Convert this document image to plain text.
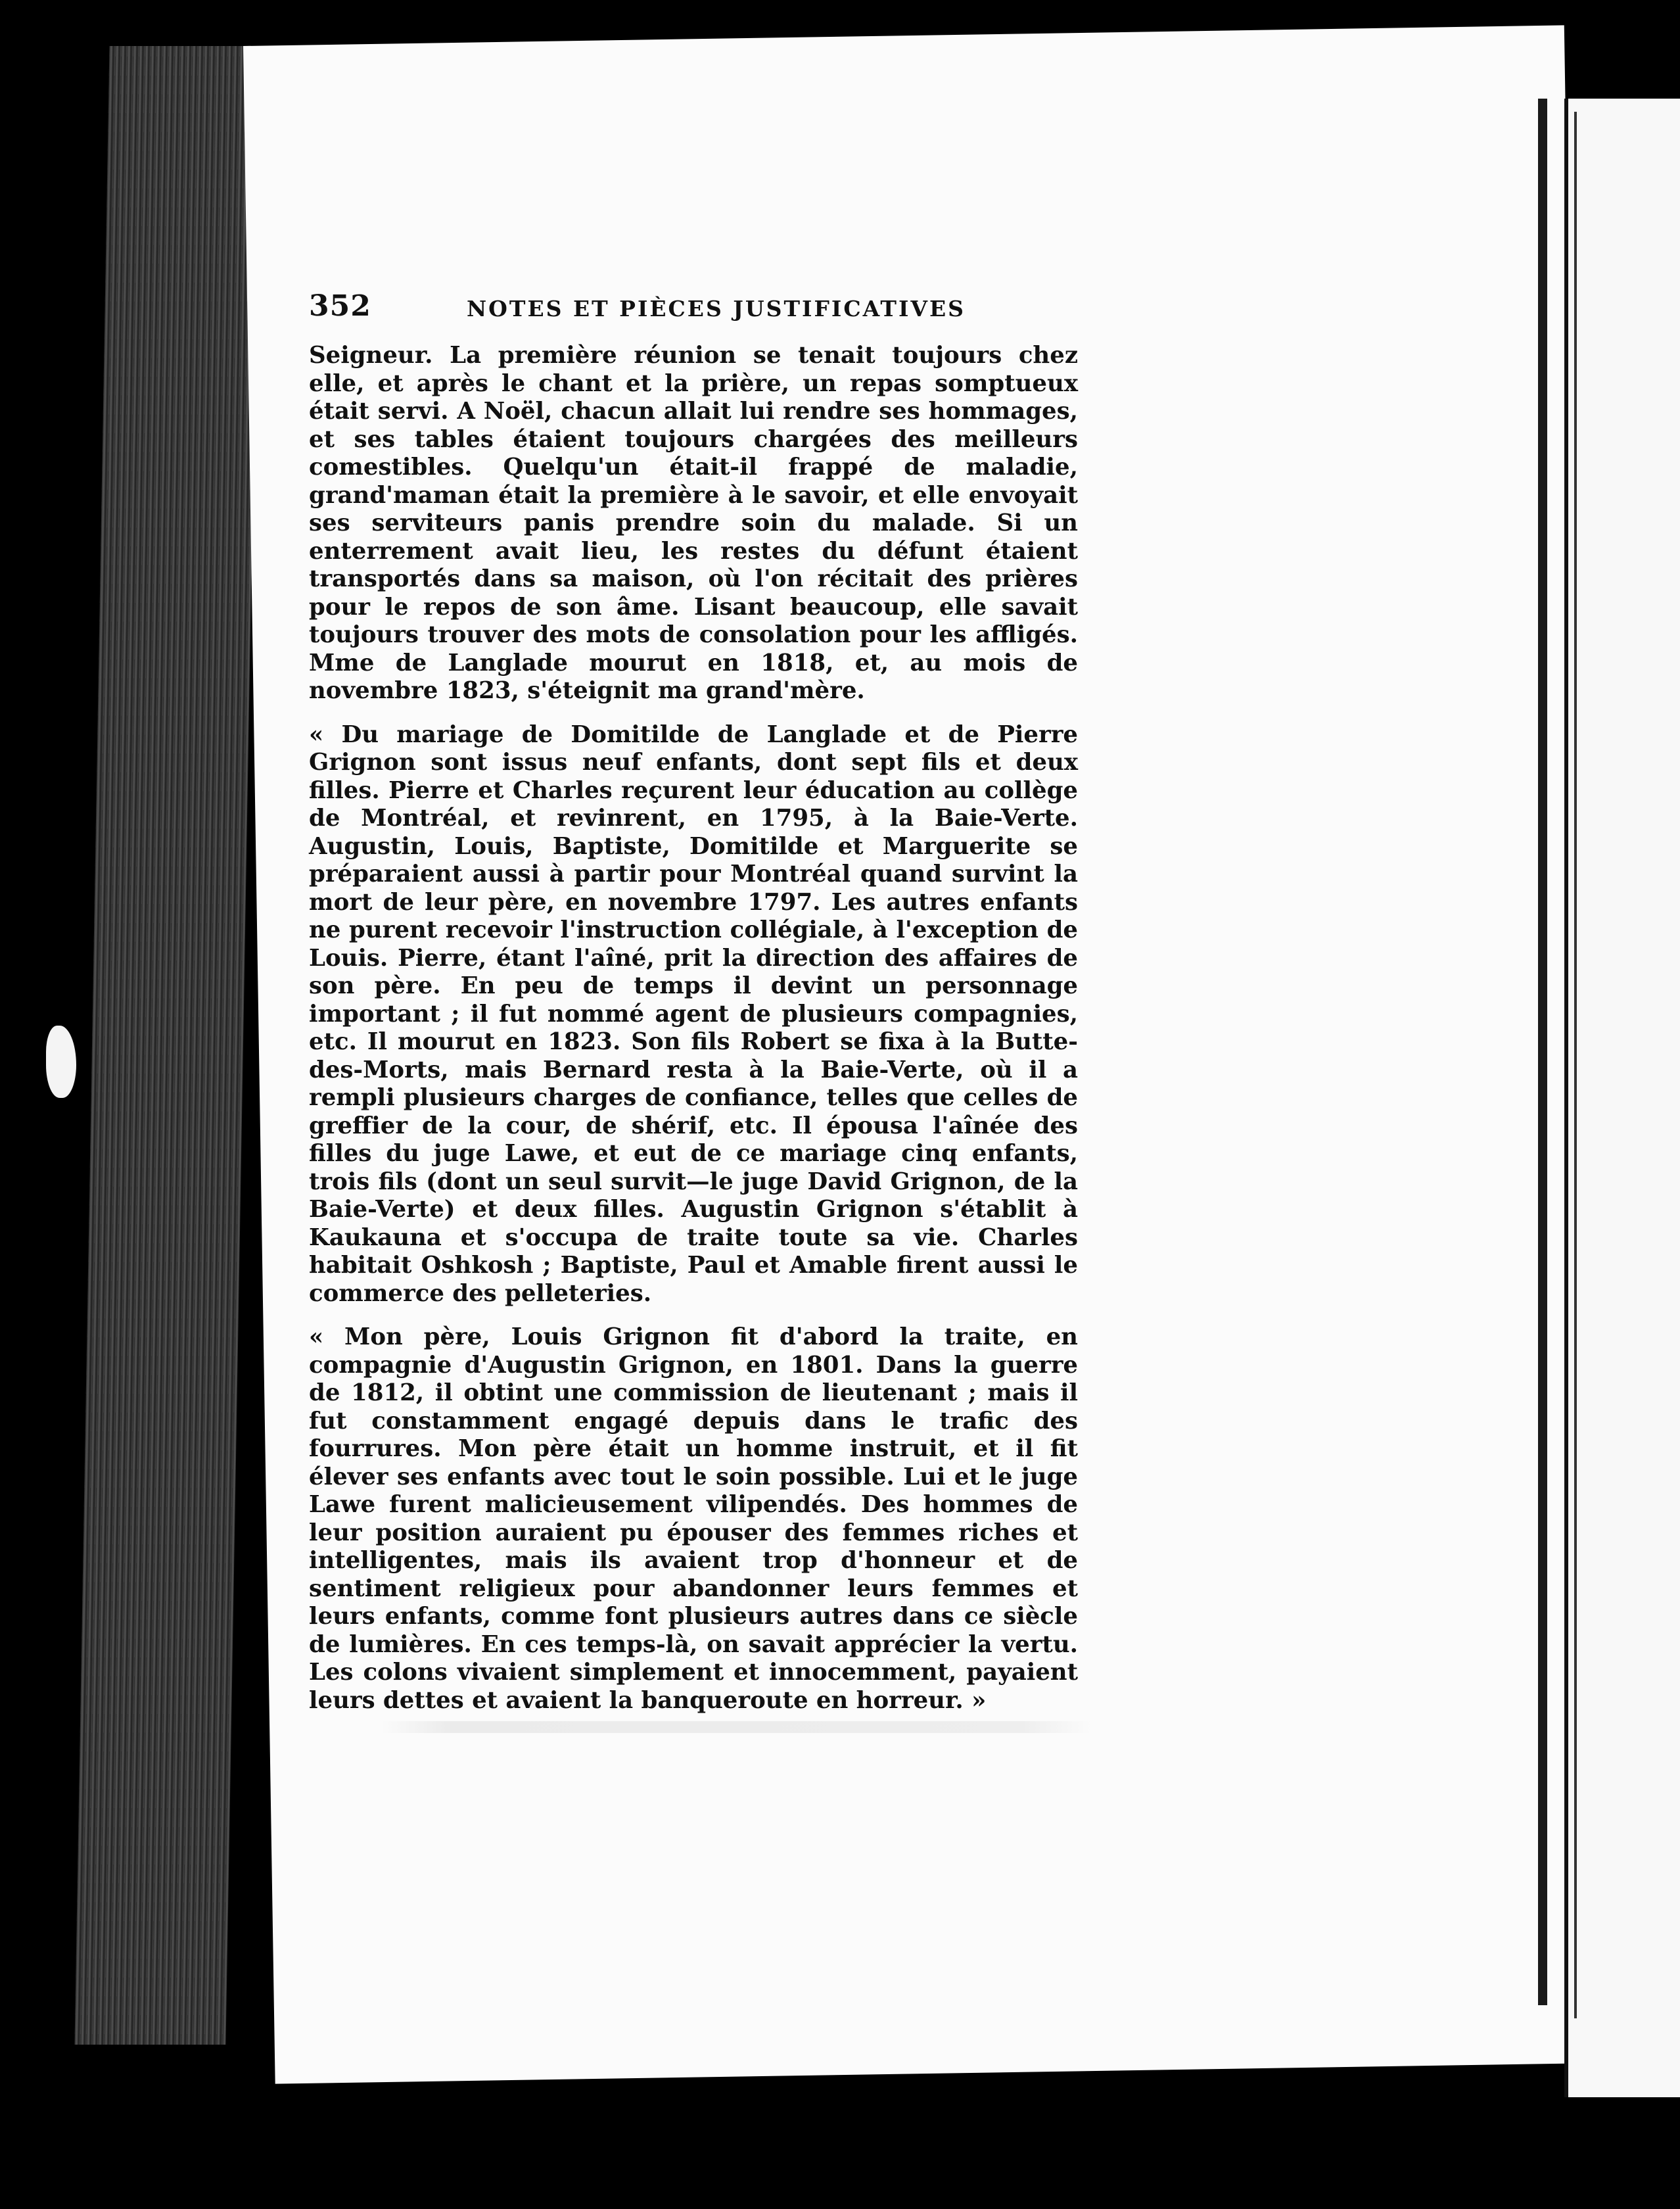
352	NOTES ET PIÈCES JUSTIFICATIVES

Seigneur. La première réunion se tenait toujours chez elle, et après le chant et la prière, un repas somptueux était servi. A Noël, chacun allait lui rendre ses hommages, et ses tables étaient toujours chargées des meilleurs comestibles. Quelqu'un était-il frappé de maladie, grand'maman était la première à le savoir, et elle envoyait ses serviteurs panis prendre soin du malade. Si un enterrement avait lieu, les restes du défunt étaient transportés dans sa maison, où l'on récitait des prières pour le repos de son âme. Lisant beaucoup, elle savait toujours trouver des mots de consolation pour les affligés. Mme de Langlade mourut en 1818, et, au mois de novembre 1823, s'éteignit ma grand'mère.

« Du mariage de Domitilde de Langlade et de Pierre Grignon sont issus neuf enfants, dont sept fils et deux filles. Pierre et Charles reçurent leur éducation au collège de Montréal, et revinrent, en 1795, à la Baie-Verte. Augustin, Louis, Baptiste, Domitilde et Marguerite se préparaient aussi à partir pour Montréal quand survint la mort de leur père, en novembre 1797. Les autres enfants ne purent recevoir l'instruction collégiale, à l'exception de Louis. Pierre, étant l'aîné, prit la direction des affaires de son père. En peu de temps il devint un personnage important ; il fut nommé agent de plusieurs compagnies, etc. Il mourut en 1823. Son fils Robert se fixa à la Butte-des-Morts, mais Bernard resta à la Baie-Verte, où il a rempli plusieurs charges de confiance, telles que celles de greffier de la cour, de shérif, etc. Il épousa l'aînée des filles du juge Lawe, et eut de ce mariage cinq enfants, trois fils (dont un seul survit—le juge David Grignon, de la Baie-Verte) et deux filles. Augustin Grignon s'établit à Kaukauna et s'occupa de traite toute sa vie. Charles habitait Oshkosh ; Baptiste, Paul et Amable firent aussi le commerce des pelleteries.

« Mon père, Louis Grignon fit d'abord la traite, en compagnie d'Augustin Grignon, en 1801. Dans la guerre de 1812, il obtint une commission de lieutenant ; mais il fut constamment engagé depuis dans le trafic des fourrures. Mon père était un homme instruit, et il fit élever ses enfants avec tout le soin possible. Lui et le juge Lawe furent malicieusement vilipendés. Des hommes de leur position auraient pu épouser des femmes riches et intelligentes, mais ils avaient trop d'honneur et de sentiment religieux pour abandonner leurs femmes et leurs enfants, comme font plusieurs autres dans ce siècle de lumières. En ces temps-là, on savait apprécier la vertu. Les colons vivaient simplement et innocemment, payaient leurs dettes et avaient la banqueroute en horreur. »
